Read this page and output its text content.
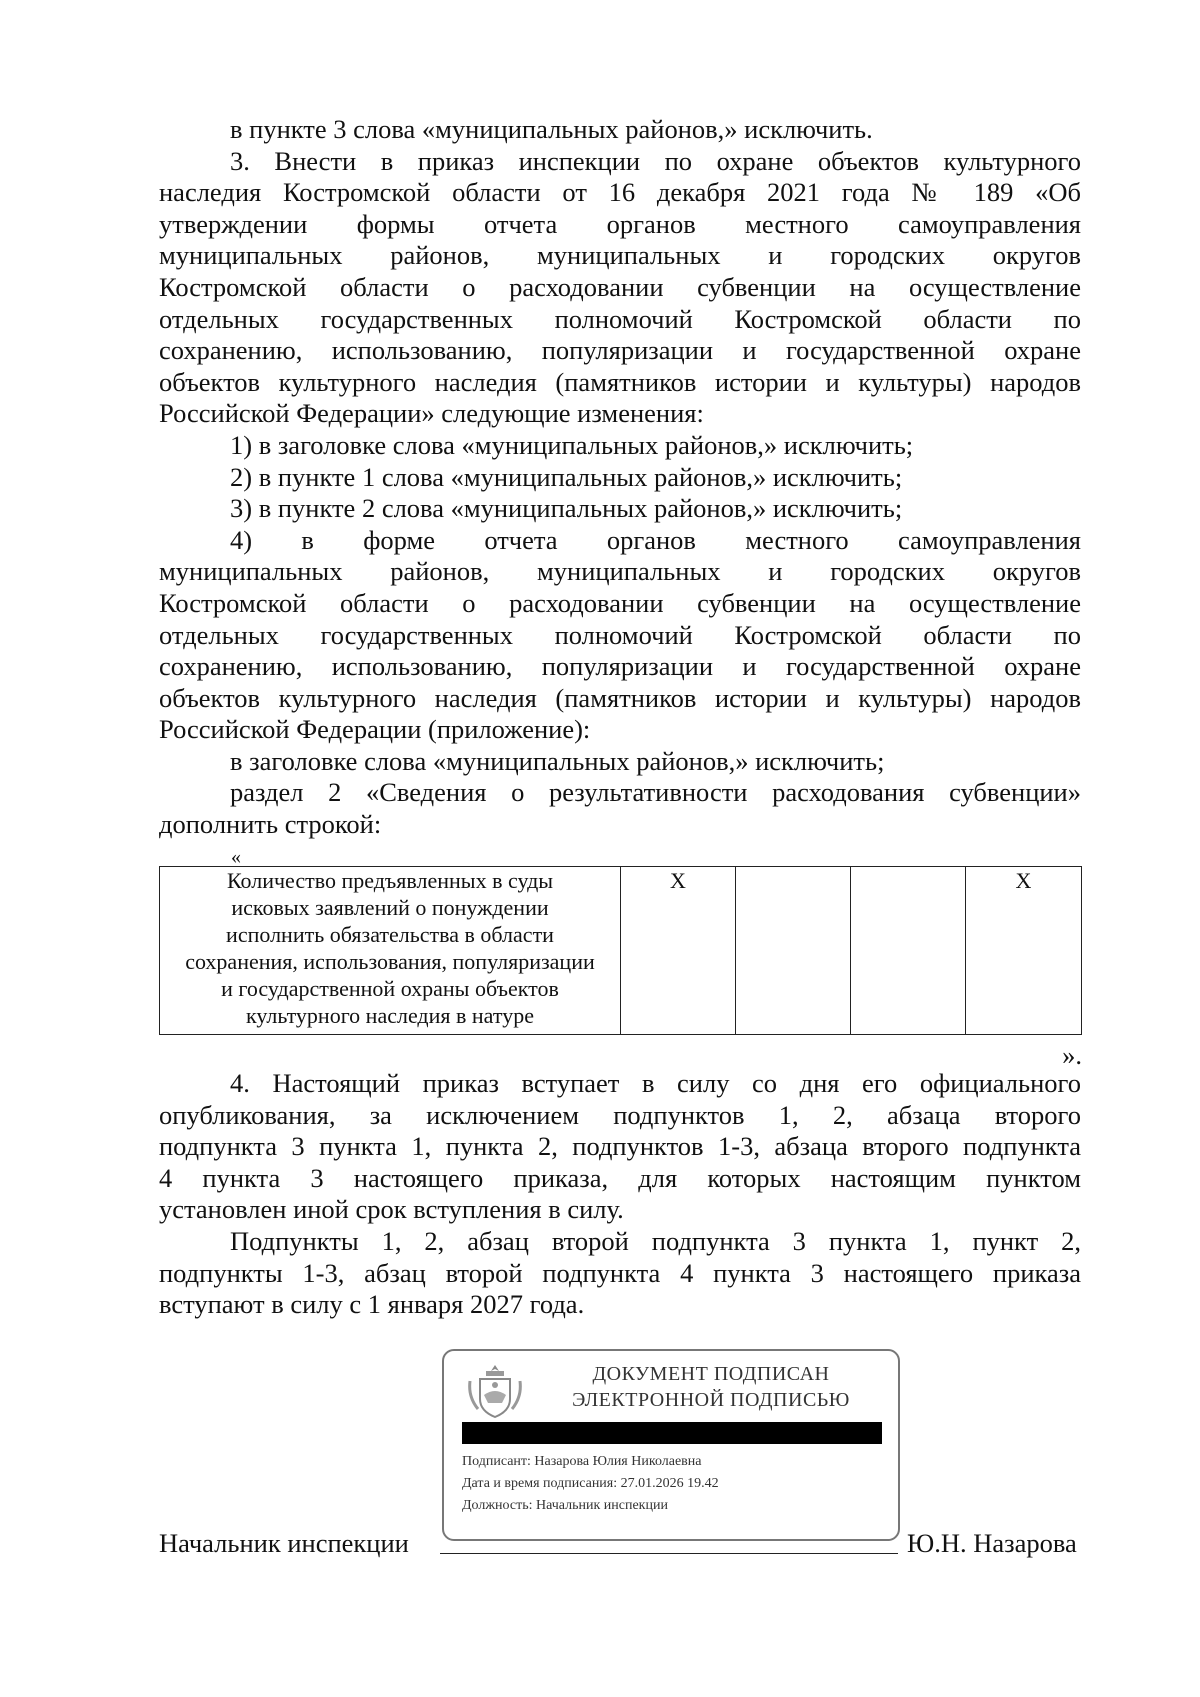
в пункте 3 слова «муниципальных районов,» исключить.

3. Внести в приказ инспекции по охране объектов культурного
наследия Костромской области от 16 декабря 2021 года № 189 «Об
утверждении формы отчета органов местного самоуправления
муниципальных районов, муниципальных и городских округов
Костромской области о расходовании субвенции на осуществление
отдельных государственных полномочий Костромской области по
сохранению, использованию, популяризации и государственной охране
объектов культурного наследия (памятников истории и культуры) народов
Российской Федерации» следующие изменения:

1) в заголовке слова «муниципальных районов,» исключить;

2) в пункте 1 слова «муниципальных районов,» исключить;

3) в пункте 2 слова «муниципальных районов,» исключить;

4) в форме отчета органов местного самоуправления
муниципальных районов, муниципальных и городских округов
Костромской области о расходовании субвенции на осуществление
отдельных государственных полномочий Костромской области по
сохранению, использованию, популяризации и государственной охране
объектов культурного наследия (памятников истории и культуры) народов
Российской Федерации (приложение):

в заголовке слова «муниципальных районов,» исключить;

раздел 2 «Сведения о результативности расходования субвенции»
дополнить строкой:

«
Количество предъявленных в суды
исковых заявлений о понуждении
исполнить обязательства в области
сохранения, использования, популяризации
и государственной охраны объектов
культурного наследия в натуре
	Х			Х
».

4. Настоящий приказ вступает в силу со дня его официального
опубликования, за исключением подпунктов 1, 2, абзаца второго
подпункта 3 пункта 1, пункта 2, подпунктов 1-3, абзаца второго подпункта
4 пункта 3 настоящего приказа, для которых настоящим пунктом
установлен иной срок вступления в силу.

Подпункты 1, 2, абзац второй подпункта 3 пункта 1, пункт 2,
подпункты 1-3, абзац второй подпункта 4 пункта 3 настоящего приказа
вступают в силу с 1 января 2027 года.

ДОКУМЕНТ ПОДПИСАН
ЭЛЕКТРОННОЙ ПОДПИСЬЮ
Подписант: Назарова Юлия Николаевна
Дата и время подписания: 27.01.2026 19.42
Должность: Начальник инспекции
Начальник инспекции	Ю.Н. Назарова
